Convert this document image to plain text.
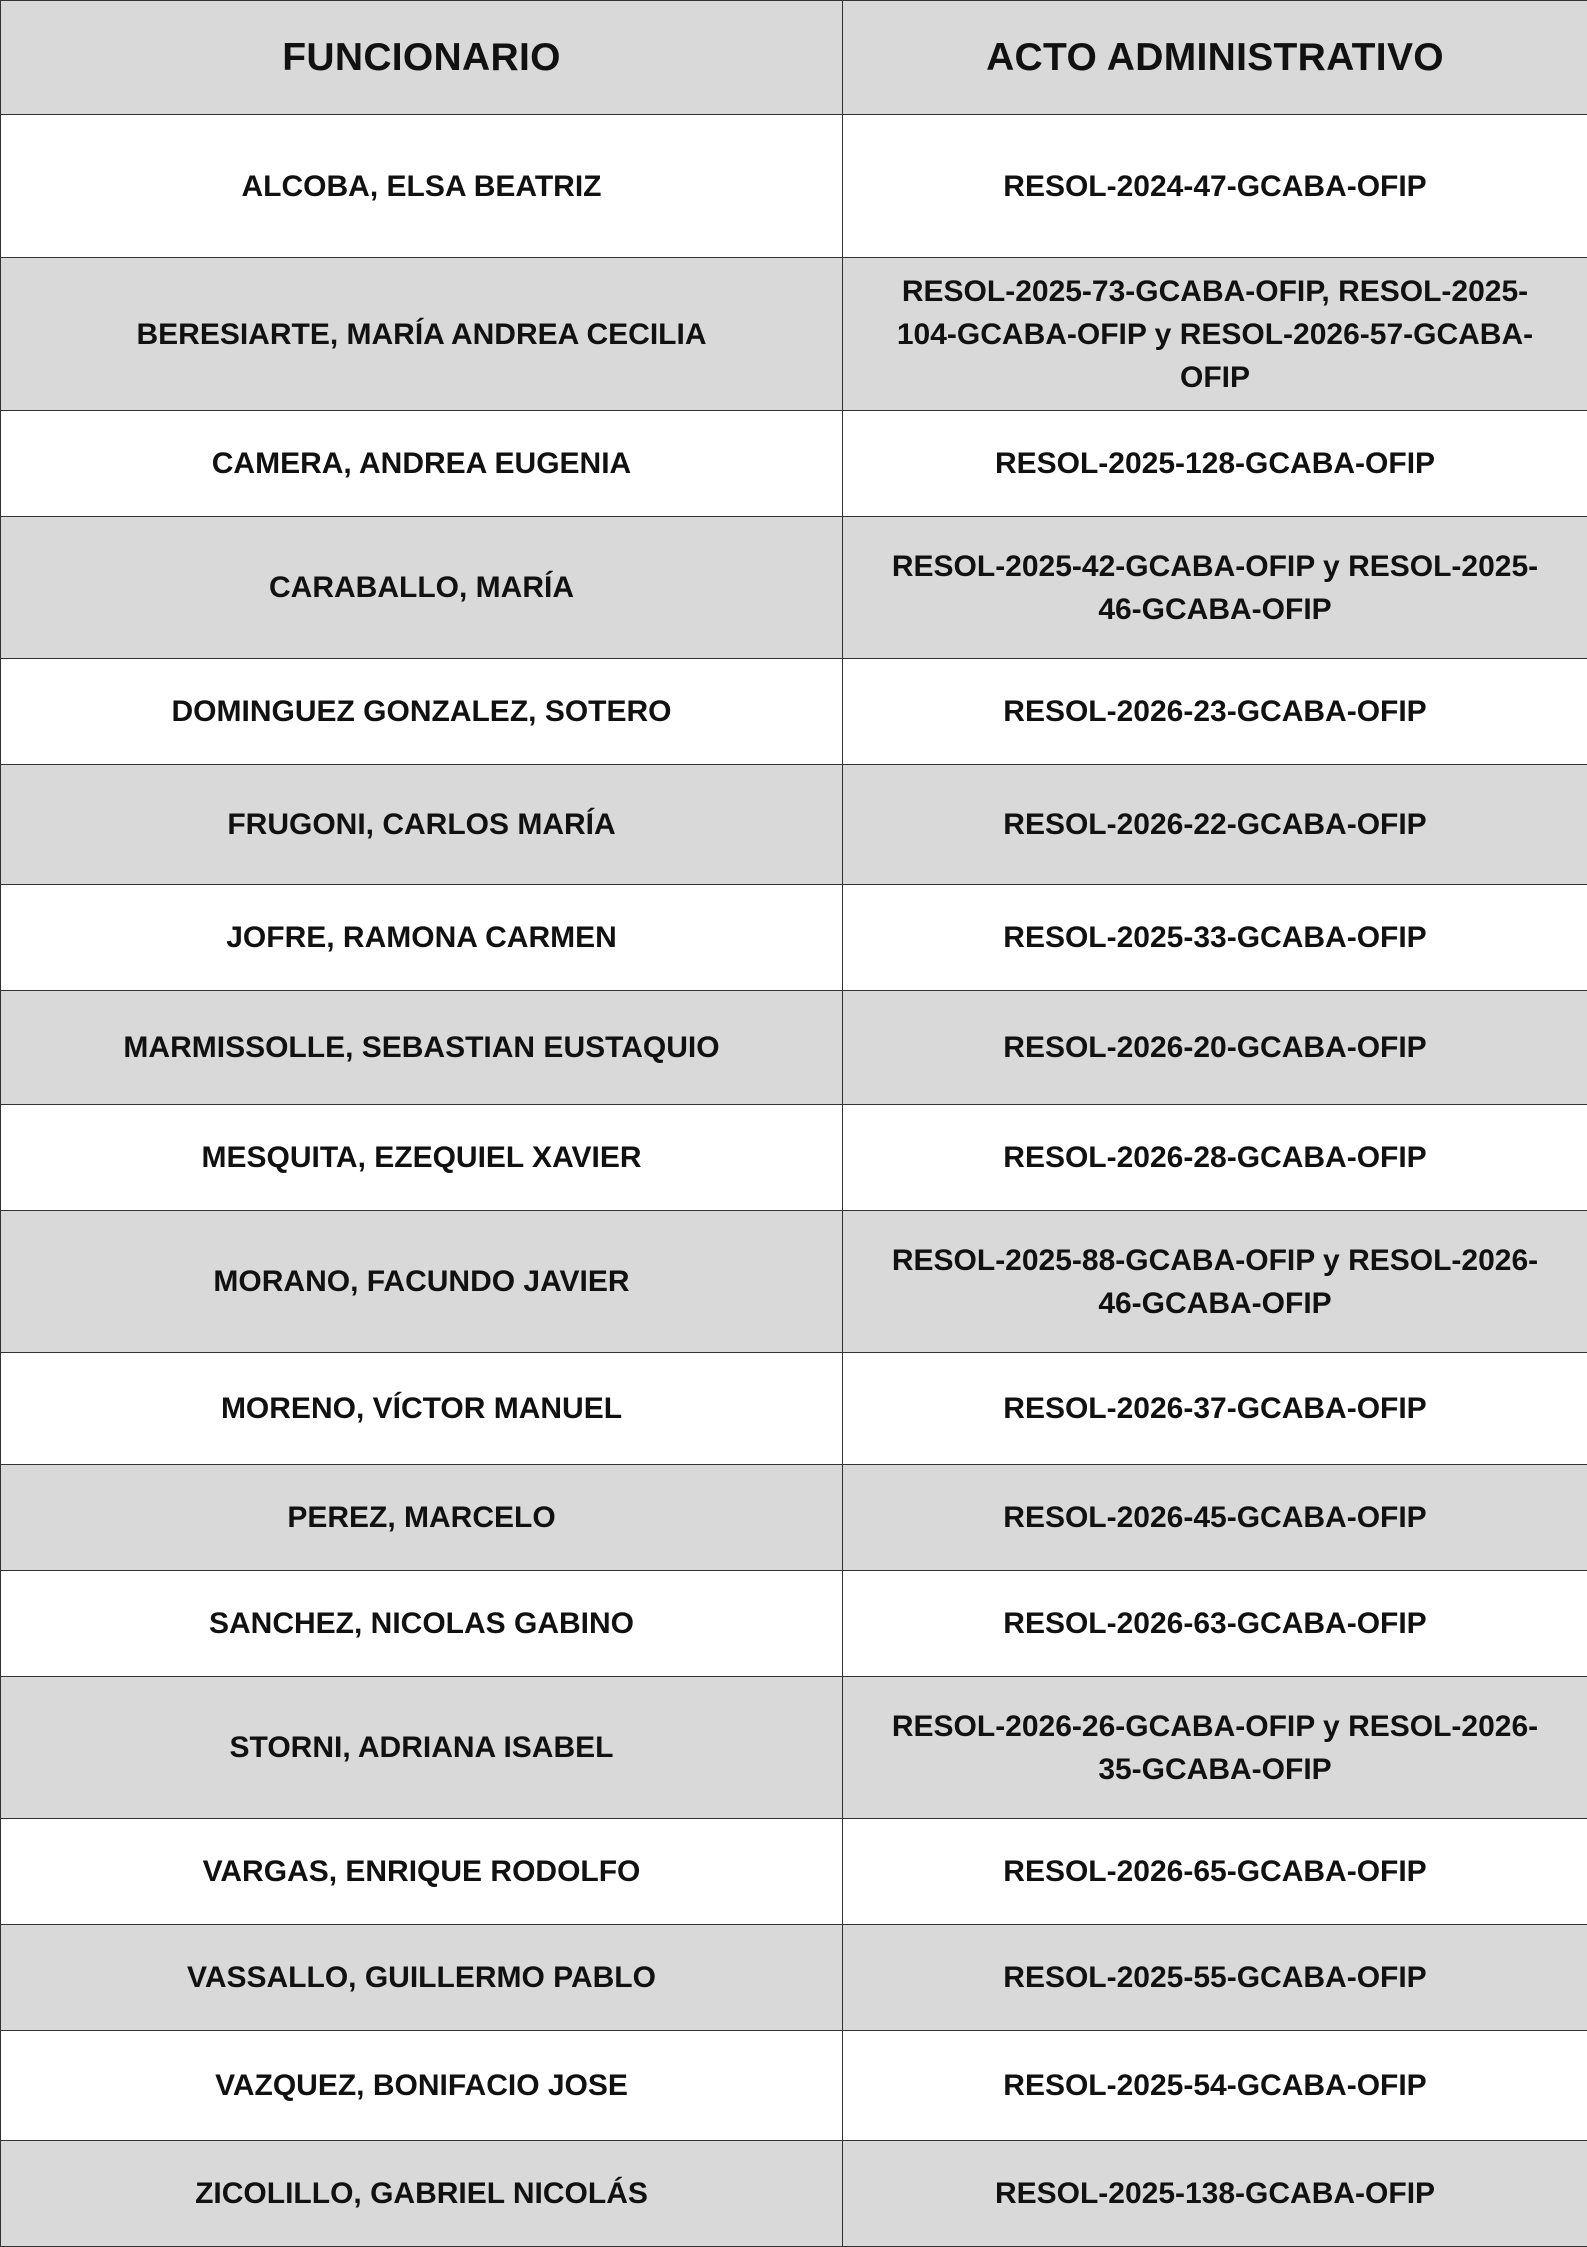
FUNCIONARIO	ACTO ADMINISTRATIVO
ALCOBA, ELSA BEATRIZ	RESOL-2024-47-GCABA-OFIP
BERESIARTE, MARÍA ANDREA CECILIA	RESOL-2025-73-GCABA-OFIP, RESOL-2025-104-GCABA-OFIP y RESOL-2026-57-GCABA-OFIP
CAMERA, ANDREA EUGENIA	RESOL-2025-128-GCABA-OFIP
CARABALLO, MARÍA	RESOL-2025-42-GCABA-OFIP y RESOL-2025-46-GCABA-OFIP
DOMINGUEZ GONZALEZ, SOTERO	RESOL-2026-23-GCABA-OFIP
FRUGONI, CARLOS MARÍA	RESOL-2026-22-GCABA-OFIP
JOFRE, RAMONA CARMEN	RESOL-2025-33-GCABA-OFIP
MARMISSOLLE, SEBASTIAN EUSTAQUIO	RESOL-2026-20-GCABA-OFIP
MESQUITA, EZEQUIEL XAVIER	RESOL-2026-28-GCABA-OFIP
MORANO, FACUNDO JAVIER	RESOL-2025-88-GCABA-OFIP y RESOL-2026-46-GCABA-OFIP
MORENO, VÍCTOR MANUEL	RESOL-2026-37-GCABA-OFIP
PEREZ, MARCELO	RESOL-2026-45-GCABA-OFIP
SANCHEZ, NICOLAS GABINO	RESOL-2026-63-GCABA-OFIP
STORNI, ADRIANA ISABEL	RESOL-2026-26-GCABA-OFIP y RESOL-2026-35-GCABA-OFIP
VARGAS, ENRIQUE RODOLFO	RESOL-2026-65-GCABA-OFIP
VASSALLO, GUILLERMO PABLO	RESOL-2025-55-GCABA-OFIP
VAZQUEZ, BONIFACIO JOSE	RESOL-2025-54-GCABA-OFIP
ZICOLILLO, GABRIEL NICOLÁS	RESOL-2025-138-GCABA-OFIP
